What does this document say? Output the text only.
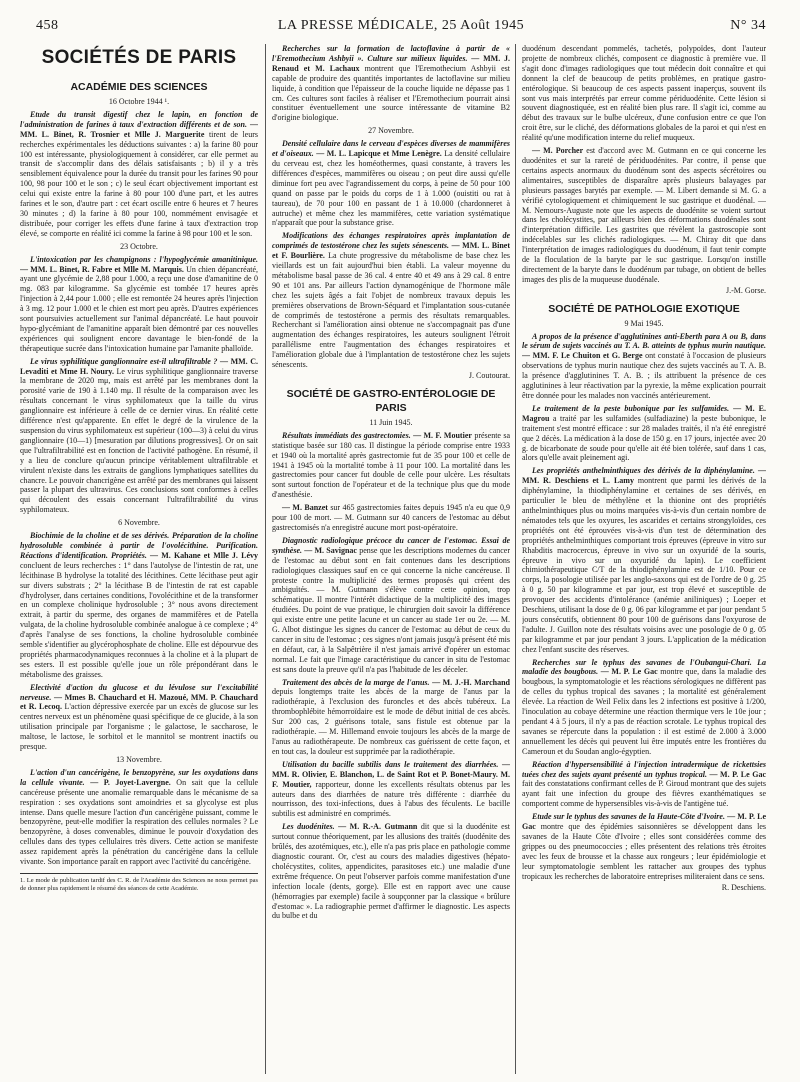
458	LA PRESSE MÉDICALE, 25 Août 1945	N° 34
SOCIÉTÉS DE PARIS
ACADÉMIE DES SCIENCES
16 Octobre 1944 ¹.

Etude du transit digestif chez le lapin, en fonction de l'administration de farines à taux d'extraction différents et de son. — MM. L. Binet, R. Trosnier et Mlle J. Marguerite tirent de leurs recherches expérimentales les déductions suivantes : a) la farine 80 pour 100 est intéressante, physiologiquement à considérer, car elle permet au transit de s'accomplir dans des délais satisfaisants ; b) il y a très sensiblement équivalence pour la durée du transit pour les farines 90 pour 100, 98 pour 100 et le son ; c) le seul écart objectivement important est celui qui existe entre la farine à 80 pour 100 d'une part, et les autres farines et le son, d'autre part : cet écart oscille entre 6 heures et 7 heures 30 minutes ; d) la farine à 80 pour 100, nommément envisagée et distribuée, pour corriger les effets d'une farine à taux d'extraction trop élevé, se comporte en réalité ici comme la farine à 98 pour 100 et le son.

23 Octobre.

L'intoxication par les champignons : l'hypoglycémie amanitinique. — MM. L. Binet, R. Fabre et Mlle M. Marquis. Un chien dépancréaté, ayant une glycémie de 2,88 pour 1.000, a reçu une dose d'amanitine de 0 mg. 083 par kilogramme. Sa glycémie est tombée 17 heures après l'injection à 2,44 pour 1.000 ; elle est remontée 24 heures après l'injection à 3 mg. 12 pour 1.000 et le chien est mort peu après. D'autres expériences sont poursuivies actuellement sur l'animal dépancréaté. Le haut pouvoir hypo-glycémiant de l'amanitine apparaît bien démontré par ces nouvelles expériences qui soulignent encore davantage le bien-fondé de la thérapeutique sucrée dans l'intoxication humaine par l'amanite phalloïde.

Le virus syphilitique ganglionnaire est-il ultrafiltrable ? — MM. C. Levaditi et Mme H. Noury. Le virus syphilitique ganglionnaire traverse la membrane de 2020 mμ, mais est arrêté par les membranes dont la porosité varie de 190 à 1.140 mμ. Il résulte de la comparaison avec les résultats concernant le virus syphilomateux que la taille du virus ganglionnaire est inférieure à celle de ce dernier virus. En réalité cette différence n'est qu'apparente. En effet le degré de la virulence de la suspension du virus syphilomateux est supérieur (100—3) à celui du virus ganglionnaire (10—1) [mesuration par dilutions progressives]. Or on sait que l'ultrafiltrabilité est en fonction de l'activité pathogène. En résumé, il y a lieu de conclure qu'aucun principe véritablement ultrafiltrable et virulent n'existe dans les extraits de ganglions lymphatiques satellites du chancre. Le pouvoir chancrigène est arrêté par des membranes qui laissent passer la plupart des ultravirus. Ces conclusions sont conformes à celles qui découlent des essais concernant l'ultrafiltrabilité du virus syphilomateux.

6 Novembre.

Biochimie de la choline et de ses dérivés. Préparation de la choline hydrosoluble combinée à partir de l'ovolécithine. Purification. Réactions d'identification. Propriétés. — M. Kahane et Mlle J. Lévy concluent de leurs recherches : 1° dans l'autolyse de l'intestin de rat, une lécithinase B hydrolyse la totalité des lécithines. Cette lécithase peut agir sur divers substrats ; 2° la lécithase B de l'intestin de rat est capable d'hydrolyser, dans certaines conditions, l'ovolécithine et de la transformer en un complexe cholinique hydrosoluble ; 3° nous avons directement extrait, à partir du sperme, des organes de mammifères et de Patella vulgata, de la choline hydrosoluble combinée analogue à ce complexe ; 4° d'après l'analyse de ses fonctions, la choline hydrosoluble combinée semble s'identifier au glycérophosphate de choline. Elle est dépourvue des propriétés pharmacodynamiques reconnues à la choline et à la plupart de ses esters. Il est possible qu'elle joue un rôle prépondérant dans le métabolisme des graisses.

Electivité d'action du glucose et du lévulose sur l'excitabilité nerveuse. — Mmes B. Chauchard et H. Mazoué, MM. P. Chauchard et R. Lecoq. L'action dépressive exercée par un excès de glucose sur les centres nerveux est un phénomène quasi spécifique de ce glucide, à la son utilisation principale par l'organisme ; le galactose, le saccharose, le maltose, le lactose, le sorbitol et le mannitol se montrent inactifs ou presque.

13 Novembre.

L'action d'un cancérigène, le benzopyrène, sur les oxydations dans la cellule vivante. — P. Joyet-Lavergne. On sait que la cellule cancéreuse présente une anomalie remarquable dans le mécanisme de sa respiration : ses oxydations sont amoindries et sa glycolyse est plus intense. Dans quelle mesure l'action d'un cancérigène puissant, comme le benzopyrène, peut-elle modifier la respiration des cellules normales ? Le benzopyrène, à doses convenables, diminue le pouvoir d'oxydation des cellules dans des types cellulaires très divers. Cette action se manifeste assez rapidement après la pénétration du cancérigène dans la cellule vivante. Son importance paraît en rapport avec l'activité du cancérigène.

1. Le mode de publication tardif des C. R. de l'Académie des Sciences ne nous permet pas de donner plus rapidement le résumé des séances de cette Académie.

Recherches sur la formation de lactoflavine à partir de « l'Eremothecium Ashbyii ». Culture sur milieux liquides. — MM. J. Renaud et M. Lachaux montrent que l'Eremothecium Ashbyii est capable de produire des quantités importantes de lactoflavine sur milieu liquide, à condition que l'épaisseur de la couche liquide ne dépasse pas 1 cm. Ces cultures sont faciles à réaliser et l'Eremothecium pourrait ainsi constituer éventuellement une source intéressante de vitamine B2 d'origine biologique.

27 Novembre.

Densité cellulaire dans le cerveau d'espèces diverses de mammifères et d'oiseaux. — M. L. Lapicque et Mme Lenègre. La densité cellulaire du cerveau est, chez les homéothermes, quasi constante, à travers les différences d'espèces, mammifères ou oiseau ; on peut dire aussi qu'elle diminue fort peu avec l'agrandissement du corps, à peine de 50 pour 100 quand on passe par le poids du corps de 1 à 1.000 (ouistiti ou rat à taureau), de 70 pour 100 en passant de 1 à 10.000 (chardonneret à autruche) et même chez les mammifères, cette variation systématique n'apparaît que pour la substance grise.

Modifications des échanges respiratoires après implantation de comprimés de testostérone chez les sujets sénescents. — MM. L. Binet et F. Bourlière. La chute progressive du métabolisme de base chez les vieillards est un fait aujourd'hui bien établi. La valeur moyenne du métabolisme basal passe de 36 cal. 4 entre 40 et 49 ans à 29 cal. 8 entre 90 et 101 ans. Par ailleurs l'action dynamogénique de l'hormone mâle chez les sujets âgés a fait l'objet de nombreux travaux depuis les premières observations de Brown-Séquard et l'implantation sous-cutanée de comprimés de testostérone a permis des résultats remarquables. Recherchant si l'amélioration ainsi obtenue ne s'accompagnait pas d'une augmentation des échanges respiratoires, les auteurs soulignent l'étroit parallélisme entre l'augmentation des échanges respiratoires et l'amélioration globale due à l'implantation de testostérone chez les sujets sénescents.

J. Coutourat.
SOCIÉTÉ DE GASTRO-ENTÉROLOGIE DE PARIS
11 Juin 1945.

Résultats immédiats des gastrectomies. — M. F. Moutier présente sa statistique basée sur 180 cas. Il distingue la période comprise entre 1933 et 1940 où la mortalité après gastrectomie fut de 35 pour 100 et celle de 1941 à 1945 où la mortalité tombe à 11 pour 100. La mortalité dans les gastrectomies pour cancer fut double de celle pour ulcère. Les résultats sont surtout fonction de l'opérateur et de la technique plus que du mode d'anesthésie.

— M. Banzet sur 465 gastrectomies faites depuis 1945 n'a eu que 0,9 pour 100 de mort. — M. Gutmann sur 40 cancers de l'estomac au début gastrectomisés n'a enregistré aucune mort post-opératoire.

Diagnostic radiologique précoce du cancer de l'estomac. Essai de synthèse. — M. Savignac pense que les descriptions modernes du cancer de l'estomac au début sont en fait contenues dans les descriptions radiologiques classiques sauf en ce qui concerne la niche cancéreuse. Il proteste contre la multiplicité des termes proposés qui créent des ambiguïtés. — M. Gutmann s'élève contre cette opinion, trop schématique. Il montre l'intérêt didactique de la multiplicité des images étudiées. Du point de vue pratique, le chirurgien doit savoir la différence qui existe entre une petite lacune et un cancer au stade 1er ou 2e. — M. G. Albot distingue les signes du cancer de l'estomac au début de ceux du cancer in situ de l'estomac ; ces signes n'ont jamais jusqu'à présent été mis en défaut, car, à la Salpêtrière il n'est jamais arrivé d'opérer un estomac normal. Le fait que l'image caractéristique du cancer in situ de l'estomac est sans doute la preuve qu'il n'a pas l'habitude de les déceler.

Traitement des abcès de la marge de l'anus. — M. J.-H. Marchand depuis longtemps traite les abcès de la marge de l'anus par la radiothérapie, à l'exclusion des furoncles et des abcès tubéreux. La thrombophlébite hémorroïdaire est le mode de début initial de ces abcès. Sur 200 cas, 2 guérisons totale, sans fistule est obtenue par la radiothérapie. — M. Hillemand envoie toujours les abcès de la marge de l'anus au radiothérapeute. De nombreux cas guérissent de cette façon, et en tout cas, la douleur est supprimée par la radiothérapie.

Utilisation du bacille subtilis dans le traitement des diarrhées. — MM. R. Olivier, E. Blanchon, L. de Saint Rot et P. Bonet-Maury. M. F. Moutier, rapporteur, donne les excellents résultats obtenus par les auteurs dans des diarrhées de nature très différente : diarrhée du nourrisson, des toxi-infections, dues à l'abus des féculents. Le bacille subtilis est administré en comprimés.

Les duodénites. — M. R.-A. Gutmann dit que si la duodénite est surtout connue théoriquement, par les allusions des traités (duodénite des brûlés, des azotémiques, etc.), elle n'a pas pris place en pathologie comme diagnostic courant. Or, c'est au cours des maladies digestives (hépato-cholécystites, colites, appendicites, parasitoses etc.) une maladie d'une extrême fréquence. On peut l'observer parfois comme manifestation d'une infection locale (dents, gorge). Elle est en rapport avec une cause (hémorragies par exemple) facile à soupçonner par la classique « brûlure d'estomac ». La radiographie permet d'affirmer le diagnostic. Les aspects du bulbe et du

duodénum descendant pommelés, tachetés, polypoïdes, dont l'auteur projette de nombreux clichés, composent ce diagnostic à première vue. Il s'agit donc d'images radiologiques que tout médecin doit connaître et qui donnent la clef de beaucoup de petits problèmes, en pratique gastro-entérologique. Si beaucoup de ces aspects passent inaperçus, souvent ils sont vus mais interprétés par erreur comme périduodénite. Cette lésion si souvent diagnostiquée, est en réalité bien plus rare. Il s'agit ici, comme au début des travaux sur le bulbe ulcéreux, d'une confusion entre ce que l'on croit être, sur le cliché, des déformations globales de la paroi et qui n'est en réalité qu'une modification interne du relief muqueux.

— M. Porcher est d'accord avec M. Gutmann en ce qui concerne les duodénites et sur la rareté de périduodénites. Par contre, il pense que certains aspects anormaux du duodénum sont des aspects sécrétoires ou alimentaires, susceptibles de disparaître après plusieurs balayages par plusieurs passages barytés par exemple. — M. Libert demande si M. G. a vérifié cytologiquement et chimiquement le suc gastrique et duodénal. — M. Nemours-Auguste note que les aspects de duodénite se voient surtout dans les cholécystites, par ailleurs bien des déformations duodénales sont d'interprétation difficile. Les gastrites que révèlent la gastroscopie sont indécelables sur les clichés radiologiques. — M. Chiray dit que dans l'interprétation de images radiologiques du duodénum, il faut tenir compte de la floculation de la baryte par le suc gastrique. Lorsqu'on instille directement de la baryte dans le duodénum par tubage, on obtient de belles images des plis de la muqueuse duodénale.

J.-M. Gorse.
SOCIÉTÉ DE PATHOLOGIE EXOTIQUE
9 Mai 1945.

A propos de la présence d'agglutinines anti-Eberth para A ou B, dans le sérum de sujets vaccinés au T. A. B. atteints de typhus murin nautique. — MM. F. Le Chuiton et G. Berge ont constaté à l'occasion de plusieurs observations de typhus murin nautique chez des sujets vaccinés au T. A. B. la présence d'agglutinines T. A. B. ; ils attribuent la présence de ces agglutinines à leur réactivation par la pyrexie, la même explication pourrait être donnée pour les malades non vaccinés antérieurement.

Le traitement de la peste bubonique par les sulfamides. — M. E. Magrou a traité par les sulfamides (sulfadiazine) la peste bubonique, le traitement s'est montré efficace : sur 28 malades traités, il n'a été enregistré que 2 décès. La médication à la dose de 150 g. en 17 jours, injectée avec 20 g. de bicarbonate de soude pour qu'elle ait été bien tolérée, sauf dans 1 cas, alors qu'elle avait pleinement agi.

Les propriétés anthelminthiques des dérivés de la diphénylamine. — MM. R. Deschiens et L. Lamy montrent que parmi les dérivés de la diphénylamine, la thiodiphénylamine et certaines de ses dérivés, en particulier le bleu de méthylène et la thionine ont des propriétés anthelminthiques plus ou moins marquées vis-à-vis d'un certain nombre de nématodes tels que les oxyures, les ascarides et certains strongyloïdes, ces propriétés ont été éprouvées vis-à-vis d'un test de détermination des propriétés anthelminthiques comportant trois épreuves (épreuve in vitro sur Rhabditis macrocercus, épreuve in vivo sur un oxyuridé de la souris, épreuve in vivo sur un oxyuridé du lapin). Le coefficient chimiothérapeutique C/T de la thiodiphénylamine est de 1/10. Pour ce corps, la posologie utilisée par les anglo-saxons qui est de l'ordre de 0 g. 25 à 0 g. 50 par kilogramme et par jour, est trop élevé et susceptible de provoquer des accidents d'intolérance (anémie aniliniques) ; Loeper et Deschiens, utilisant la dose de 0 g. 06 par kilogramme et par jour pendant 5 jours consécutifs, obtiennent 80 pour 100 de guérisons dans l'oxyurose de l'adulte. J. Guillon note des résultats voisins avec une posologie de 0 g. 05 par kilogramme et par jour pendant 3 jours. L'application de la médication chez l'enfant suscite des réserves.

Recherches sur le typhus des savanes de l'Oubangui-Chari. La maladie des bougbous. — M. P. Le Gac montre que, dans la maladie des bougbous, la symptomatologie et les réactions sérologiques ne diffèrent pas de celles du typhus tropical des savanes ; la mortalité est généralement élevée. La réaction de Weil Felix dans les 2 infections est positive à 1/200, l'inoculation au cobaye détermine une réaction thermique vers le 10e jour ; pendant 4 à 5 jours, il n'y a pas de réaction scrotale. Le typhus tropical des savanes se répercute dans la population : il est estimé de 2.000 à 3.000 annuellement les décès qui peuvent lui être imputés entre les frontières du Cameroun et du Soudan anglo-égyptien.

Réaction d'hypersensibilité à l'injection intradermique de rickettsies tuées chez des sujets ayant présenté un typhus tropical. — M. P. Le Gac fait des constatations confirmant celles de P. Giroud montrant que des sujets ayant fait une infection du groupe des fièvres exanthématiques se comportent comme de hypersensibles vis-à-vis de l'antigène tué.

Etude sur le typhus des savanes de la Haute-Côte d'Ivoire. — M. P. Le Gac montre que des épidémies saisonnières se développent dans les savanes de la Haute Côte d'Ivoire ; elles sont considérées comme des grippes ou des pneumococcies ; elles présentent des relations très étroites avec les feux de brousse et la chasse aux rongeurs ; leur épidémiologie et leur symptomatologie semblent les rattacher aux groupes des typhus tropicaux les recherches de laboratoire entreprises militeraient dans ce sens.

R. Deschiens.
